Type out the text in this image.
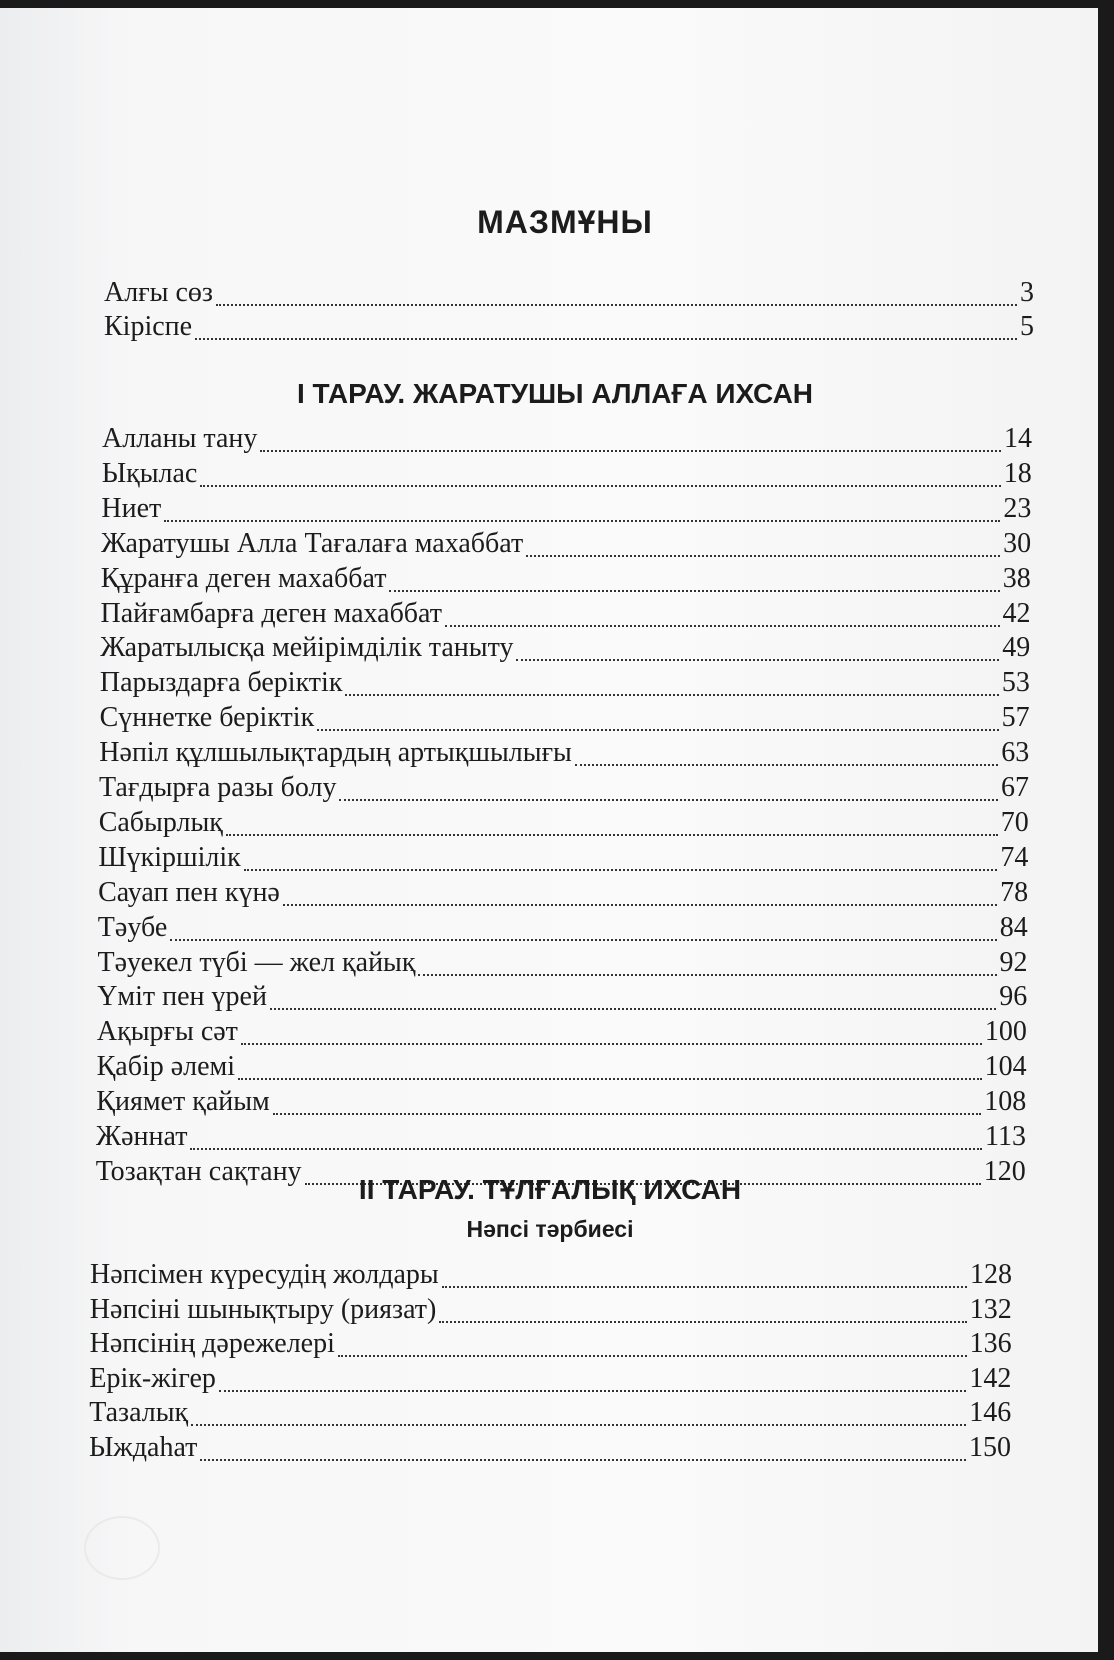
МАЗМҰНЫ
Алғы сөз	3
Кіріспе	5
І ТАРАУ. ЖАРАТУШЫ АЛЛАҒА ИХСАН
Алланы тану	14
Ықылас	18
Ниет	23
Жаратушы Алла Тағалаға махаббат	30
Құранға деген махаббат	38
Пайғамбарға деген махаббат	42
Жаратылысқа мейірімділік таныту	49
Парыздарға беріктік	53
Сүннетке беріктік	57
Нәпіл құлшылықтардың артықшылығы	63
Тағдырға разы болу	67
Сабырлық	70
Шүкіршілік	74
Сауап пен күнә	78
Тәубе	84
Тәуекел түбі — жел қайық	92
Үміт пен үрей	96
Ақырғы сәт	100
Қабір әлемі	104
Қиямет қайым	108
Жәннат	113
Тозақтан сақтану	120
ІІ ТАРАУ. ТҰЛҒАЛЫҚ ИХСАН
Нәпсі тәрбиесі
Нәпсімен күресудің жолдары	128
Нәпсіні шынықтыру (риязат)	132
Нәпсінің дәрежелері	136
Ерік-жігер	142
Тазалық	146
Ыждаһат	150
